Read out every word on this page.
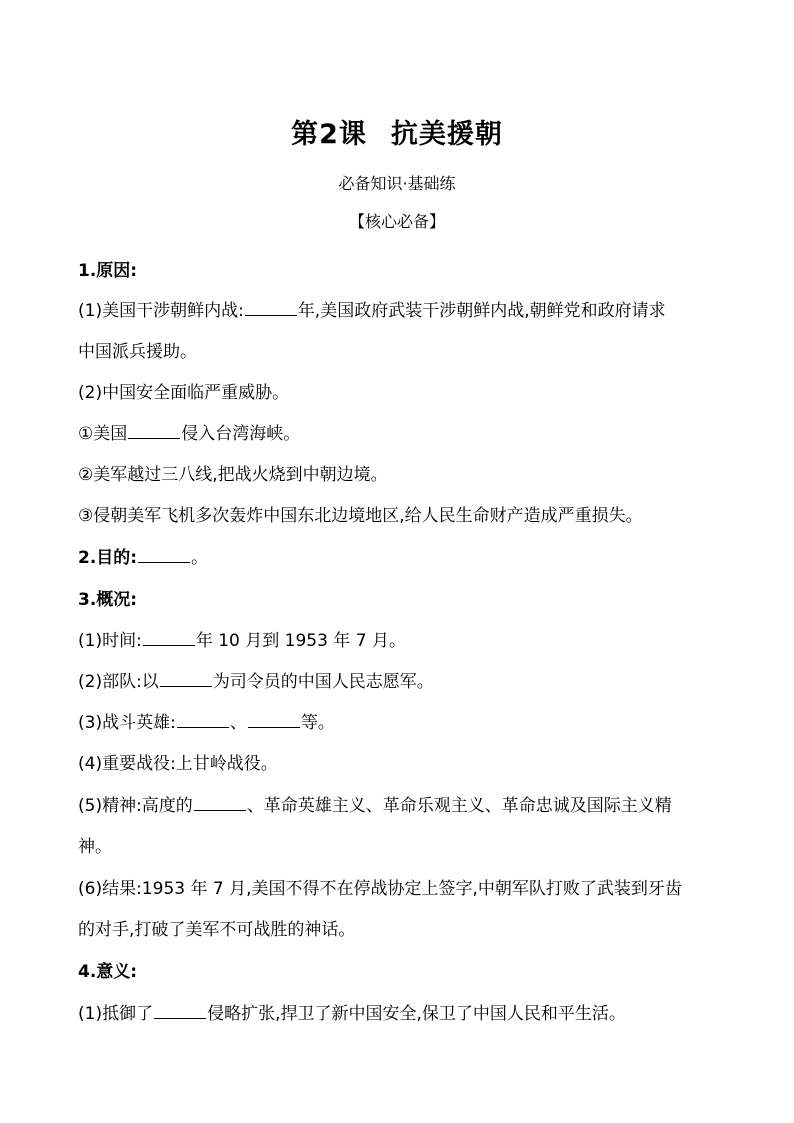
第2课 抗美援朝
必备知识·基础练
【核心必备】
1.原因:
(1)美国干涉朝鲜内战:	年,美国政府武装干涉朝鲜内战,朝鲜党和政府请求
中国派兵援助。
(2)中国安全面临严重威胁。
①美国	侵入台湾海峡。
②美军越过三八线,把战火烧到中朝边境。
③侵朝美军飞机多次轰炸中国东北边境地区,给人民生命财产造成严重损失。
2.目的:	。
3.概况:
(1)时间:	年 10 月到 1953 年 7 月。
(2)部队:以	为司令员的中国人民志愿军。
(3)战斗英雄:	、	等。
(4)重要战役:上甘岭战役。
(5)精神:高度的	、革命英雄主义、革命乐观主义、革命忠诚及国际主义精
神。
(6)结果:1953 年 7 月,美国不得不在停战协定上签字,中朝军队打败了武装到牙齿
的对手,打破了美军不可战胜的神话。
4.意义:
(1)抵御了	侵略扩张,捍卫了新中国安全,保卫了中国人民和平生活。
